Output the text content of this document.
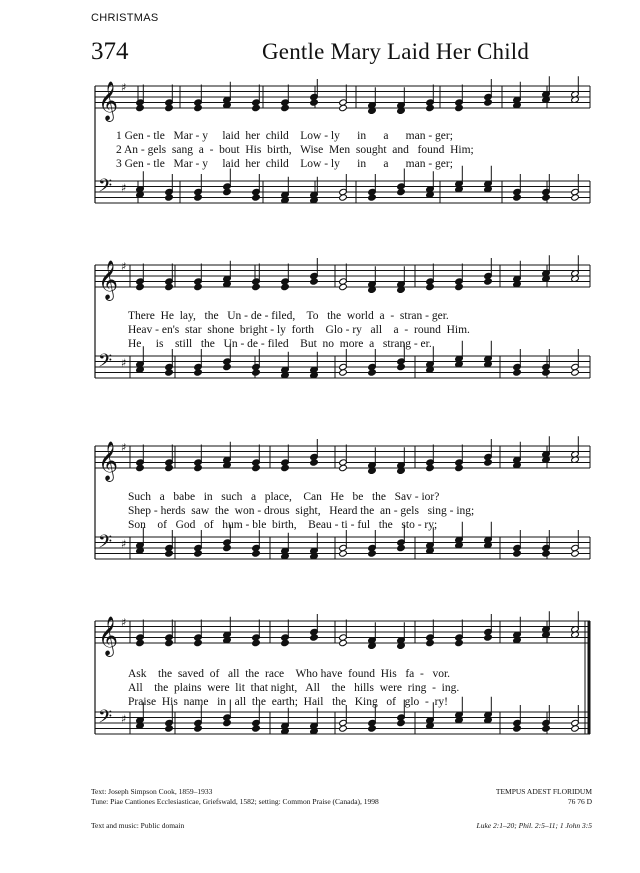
CHRISTMAS
374	Gentle Mary Laid Her Child
𝄞
𝄢
♯
♯
𝄞
𝄢
♯
♯
𝄞
𝄢
♯
♯
𝄞
𝄢
♯
♯
1 Gen - tle   Mar - y     laid  her  child    Low - ly      in      a      man - ger;
2 An - gels  sang  a  -  bout  His  birth,   Wise  Men  sought  and   found  Him;
3 Gen - tle   Mar - y     laid  her  child    Low - ly      in      a      man - ger;
There  He  lay,   the   Un - de - filed,    To   the  world  a  -  stran - ger.
Heav - en's  star  shone  bright - ly  forth    Glo - ry   all    a  -  round  Him.
He     is    still   the   Un - de - filed    But  no  more  a   strang - er.
Such   a   babe   in   such   a   place,    Can   He   be   the   Sav - ior?
Shep - herds  saw  the  won - drous  sight,   Heard the  an - gels   sing - ing;
Son    of   God   of   hum - ble  birth,    Beau - ti - ful   the   sto - ry;
Ask    the  saved  of   all  the  race    Who have  found  His   fa  -   vor.
All    the  plains  were  lit  that night,   All    the   hills  were  ring  -  ing.
Praise  His  name   in   all  the  earth;  Hail   the   King   of   glo  -  ry!
Text: Joseph Simpson Cook, 1859–1933
Tune: Piae Cantiones Ecclesiasticae, Griefswald, 1582; setting: Common Praise (Canada), 1998
TEMPUS ADEST FLORIDUM
76 76 D
Text and music: Public domain	Luke 2:1–20; Phil. 2:5–11; 1 John 3:5
